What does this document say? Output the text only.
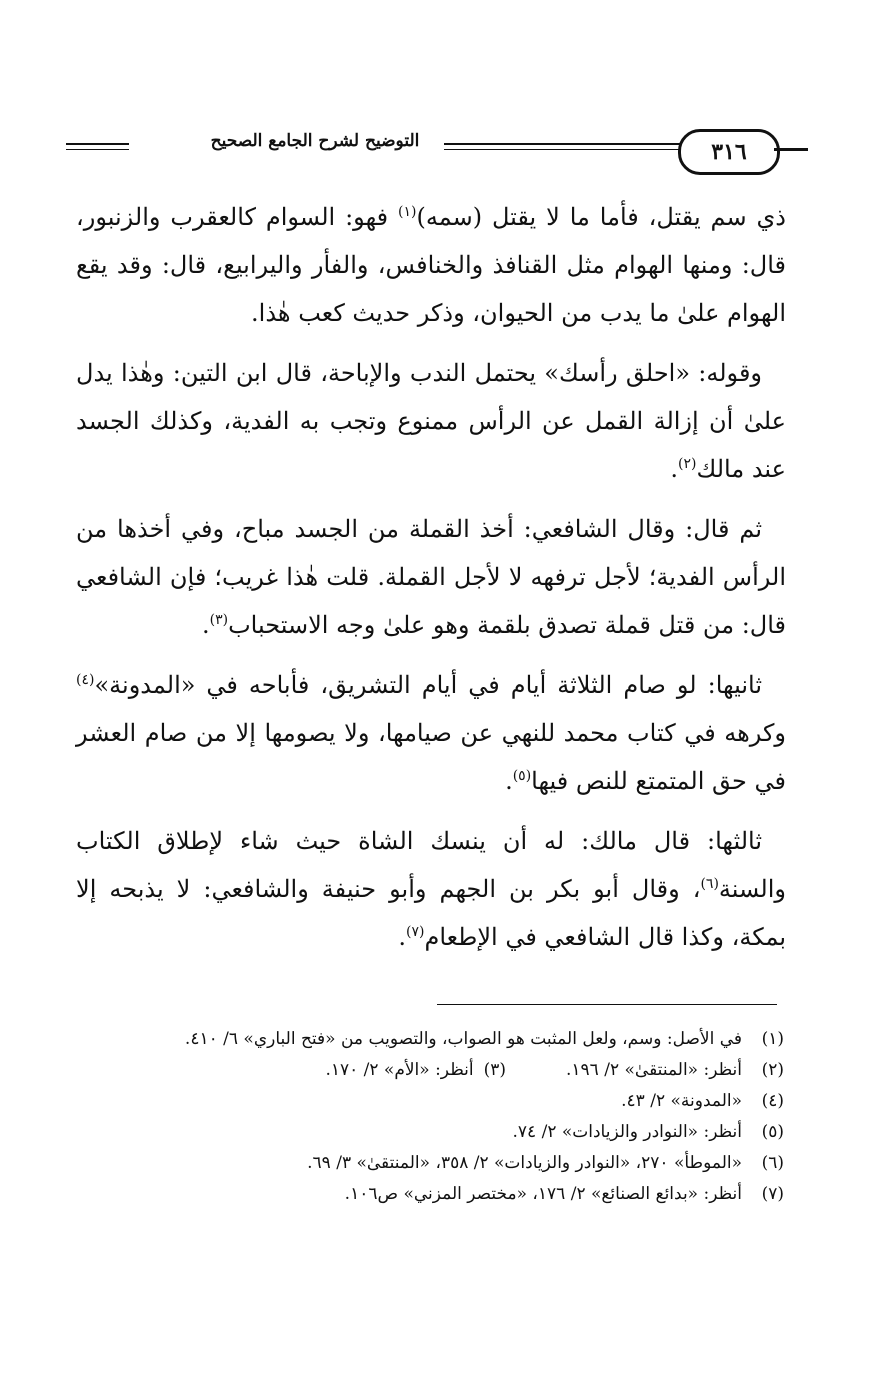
التوضيح لشرح الجامع الصحيح	٣١٦

ذي سم يقتل، فأما ما لا يقتل (سمه)$^{(١)}$ فهو: السوام كالعقرب والزنبور، قال: ومنها الهوام مثل القنافذ والخنافس، والفأر واليرابيع، قال: وقد يقع الهوام علىٰ ما يدب من الحيوان، وذكر حديث كعب هٰذا.

وقوله: «احلق رأسك» يحتمل الندب والإباحة، قال ابن التين: وهٰذا يدل علىٰ أن إزالة القمل عن الرأس ممنوع وتجب به الفدية، وكذلك الجسد عند مالك$^{(٢)}$.

ثم قال: وقال الشافعي: أخذ القملة من الجسد مباح، وفي أخذها من الرأس الفدية؛ لأجل ترفهه لا لأجل القملة. قلت هٰذا غريب؛ فإن الشافعي قال: من قتل قملة تصدق بلقمة وهو علىٰ وجه الاستحباب$^{(٣)}$.

ثانيها: لو صام الثلاثة أيام في أيام التشريق، فأباحه في «المدونة»$^{(٤)}$ وكرهه في كتاب محمد للنهي عن صيامها، ولا يصومها إلا من صام العشر في حق المتمتع للنص فيها$^{(٥)}$.

ثالثها: قال مالك: له أن ينسك الشاة حيث شاء لإطلاق الكتاب والسنة$^{(٦)}$، وقال أبو بكر بن الجهم وأبو حنيفة والشافعي: لا يذبحه إلا بمكة، وكذا قال الشافعي في الإطعام$^{(٧)}$.

(١)
في الأصل: وسم، ولعل المثبت هو الصواب، والتصويب من «فتح الباري» ٦/ ٤١٠.
(٢)
أنظر: «المنتقىٰ» ٢/ ١٩٦.
(٣)
أنظر: «الأم» ٢/ ١٧٠.
(٤)
«المدونة» ٢/ ٤٣.
(٥)
أنظر: «النوادر والزيادات» ٢/ ٧٤.
(٦)
«الموطأ» ٢٧٠، «النوادر والزيادات» ٢/ ٣٥٨، «المنتقىٰ» ٣/ ٦٩.
(٧)
أنظر: «بدائع الصنائع» ٢/ ١٧٦، «مختصر المزني» ص١٠٦.
